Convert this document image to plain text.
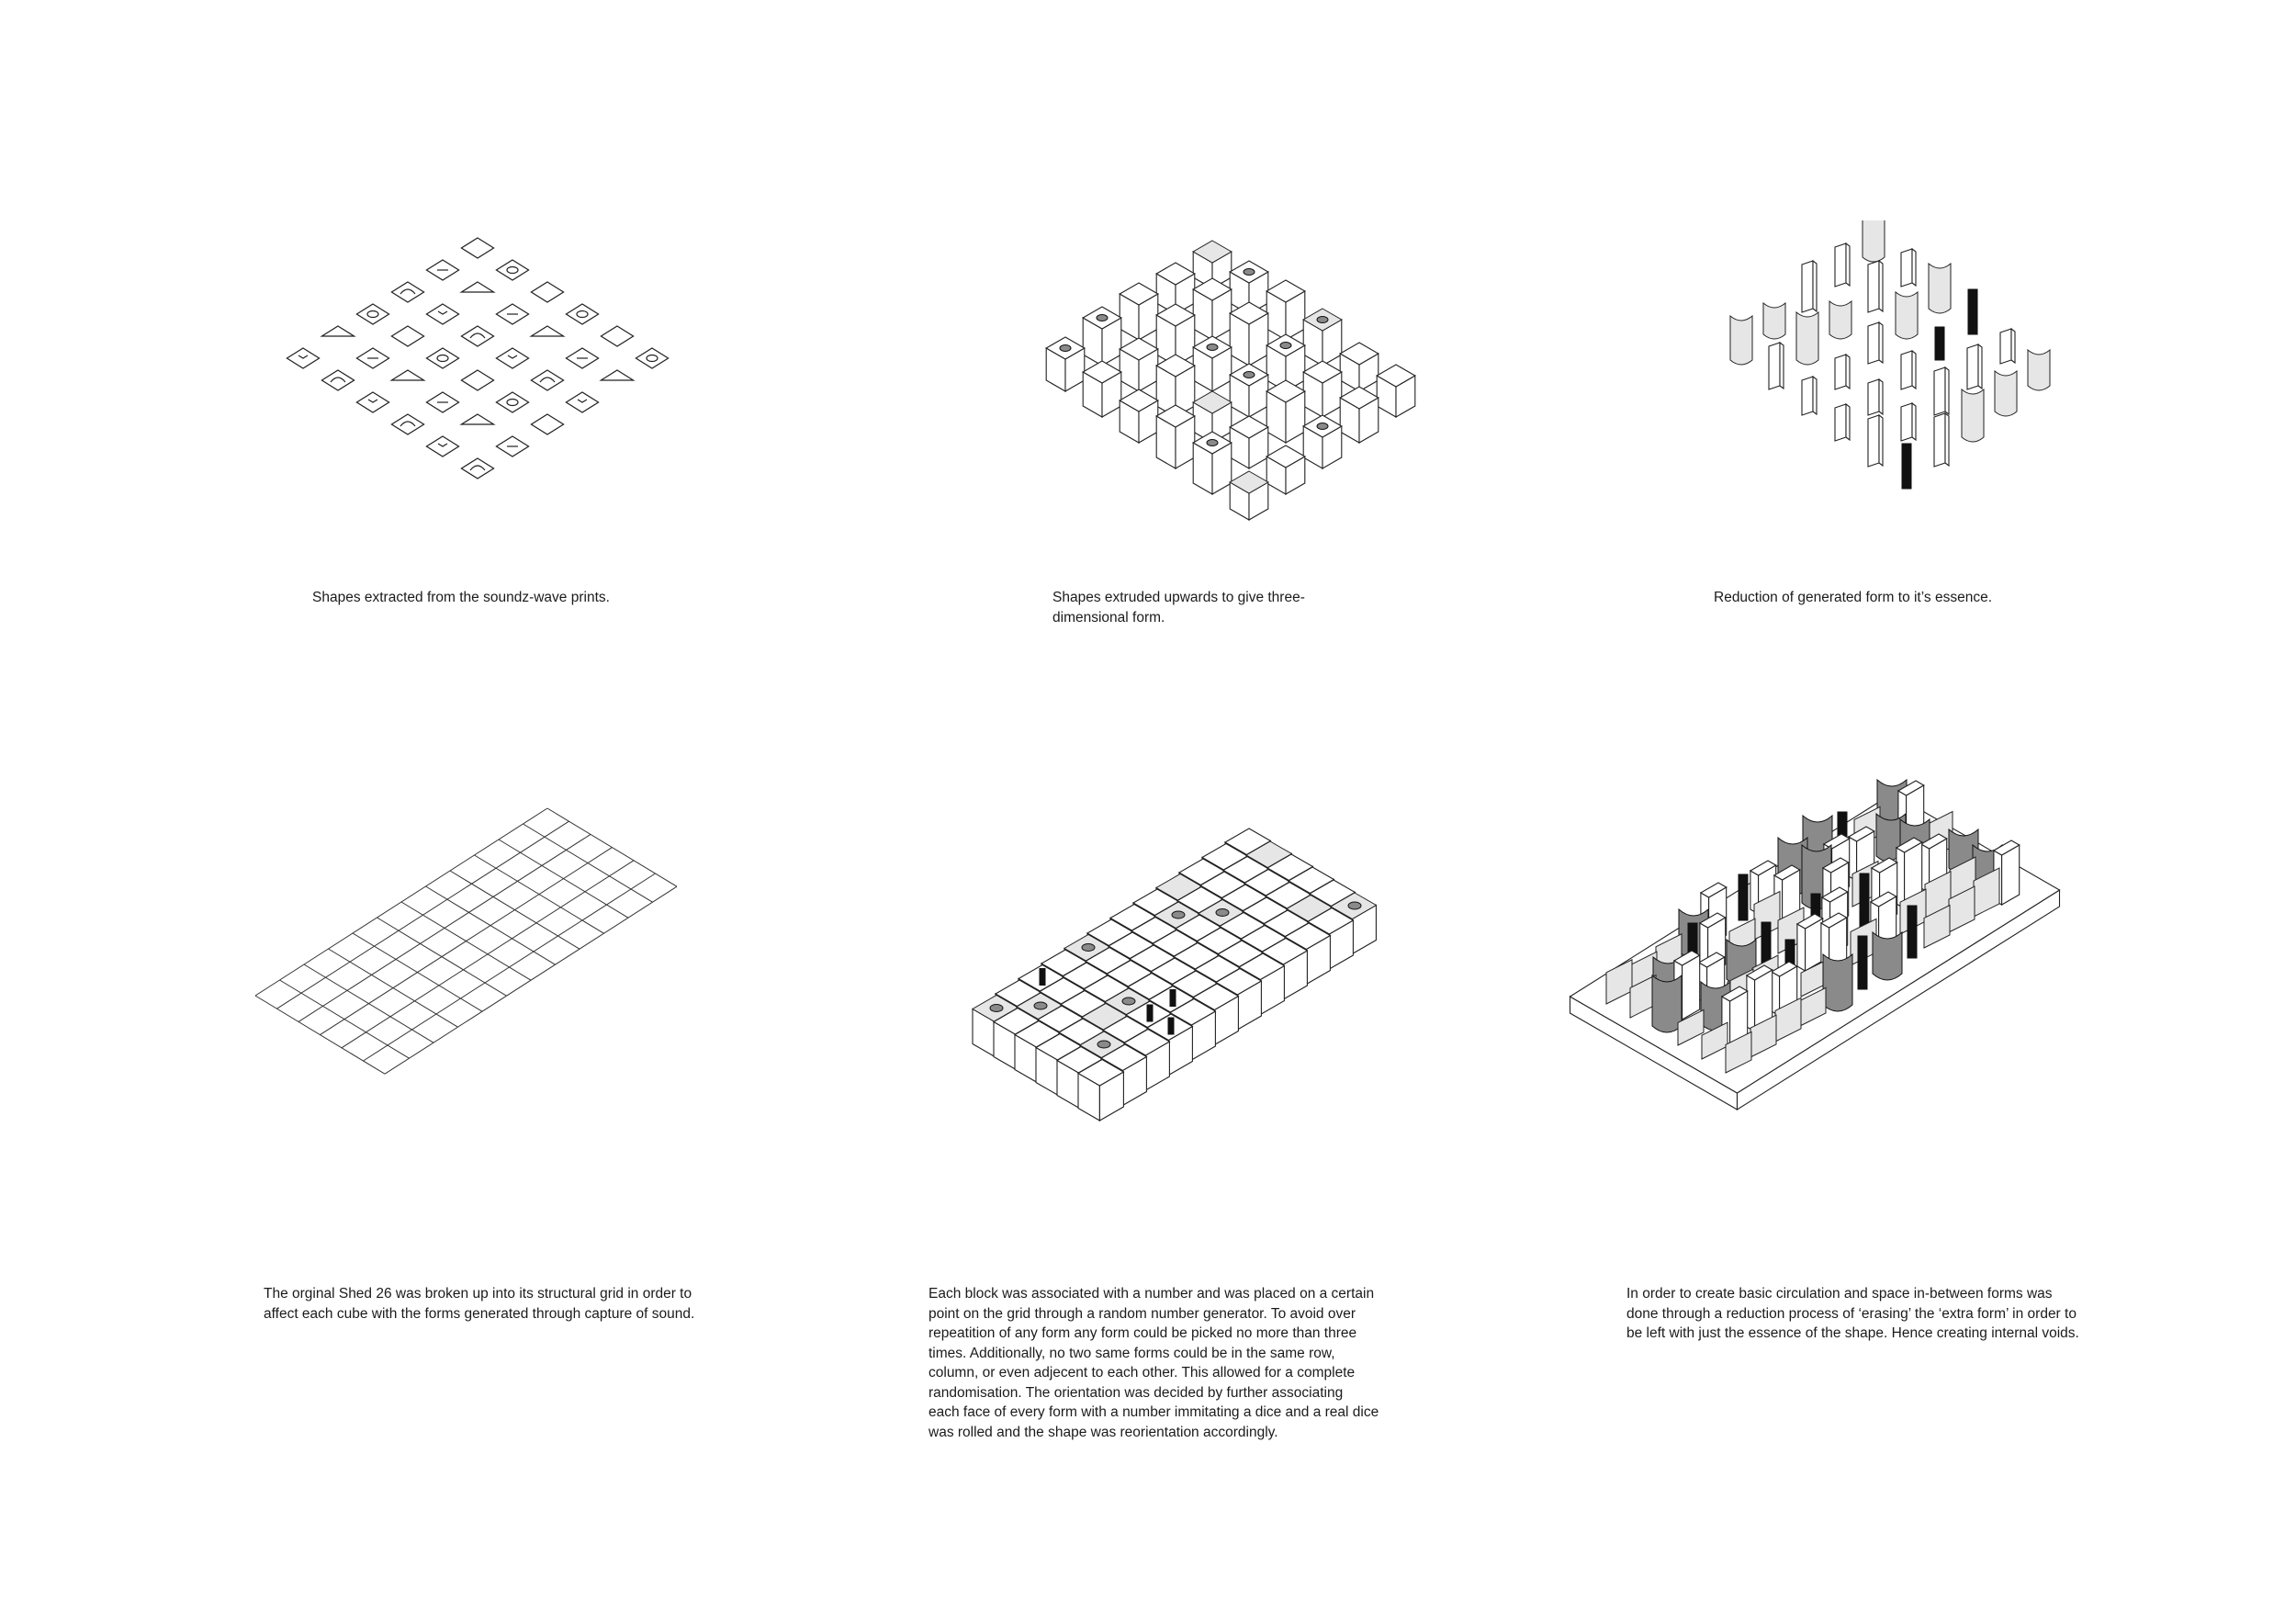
Shapes extracted from the soundz-wave prints.	Shapes extruded upwards to give three-
dimensional form.

Reduction of generated form to it’s essence.

The orginal Shed 26 was broken up into its structural grid in order to
affect each cube with the forms generated through capture of sound.

Each block was associated with a number and was placed on a certain
point on the grid through a random number generator. To avoid over
repeatition of any form any form could be picked no more than three
times. Additionally, no two same forms could be in the same row,
column, or even adjecent to each other. This allowed for a complete
randomisation. The orientation was decided by further associating
each face of every form with a number immitating a dice and a real dice
was rolled and the shape was reorientation accordingly.

In order to create basic circulation and space in-between forms was
done through a reduction process of ‘erasing’ the ‘extra form’ in order to
be left with just the essence of the shape. Hence creating internal voids.
